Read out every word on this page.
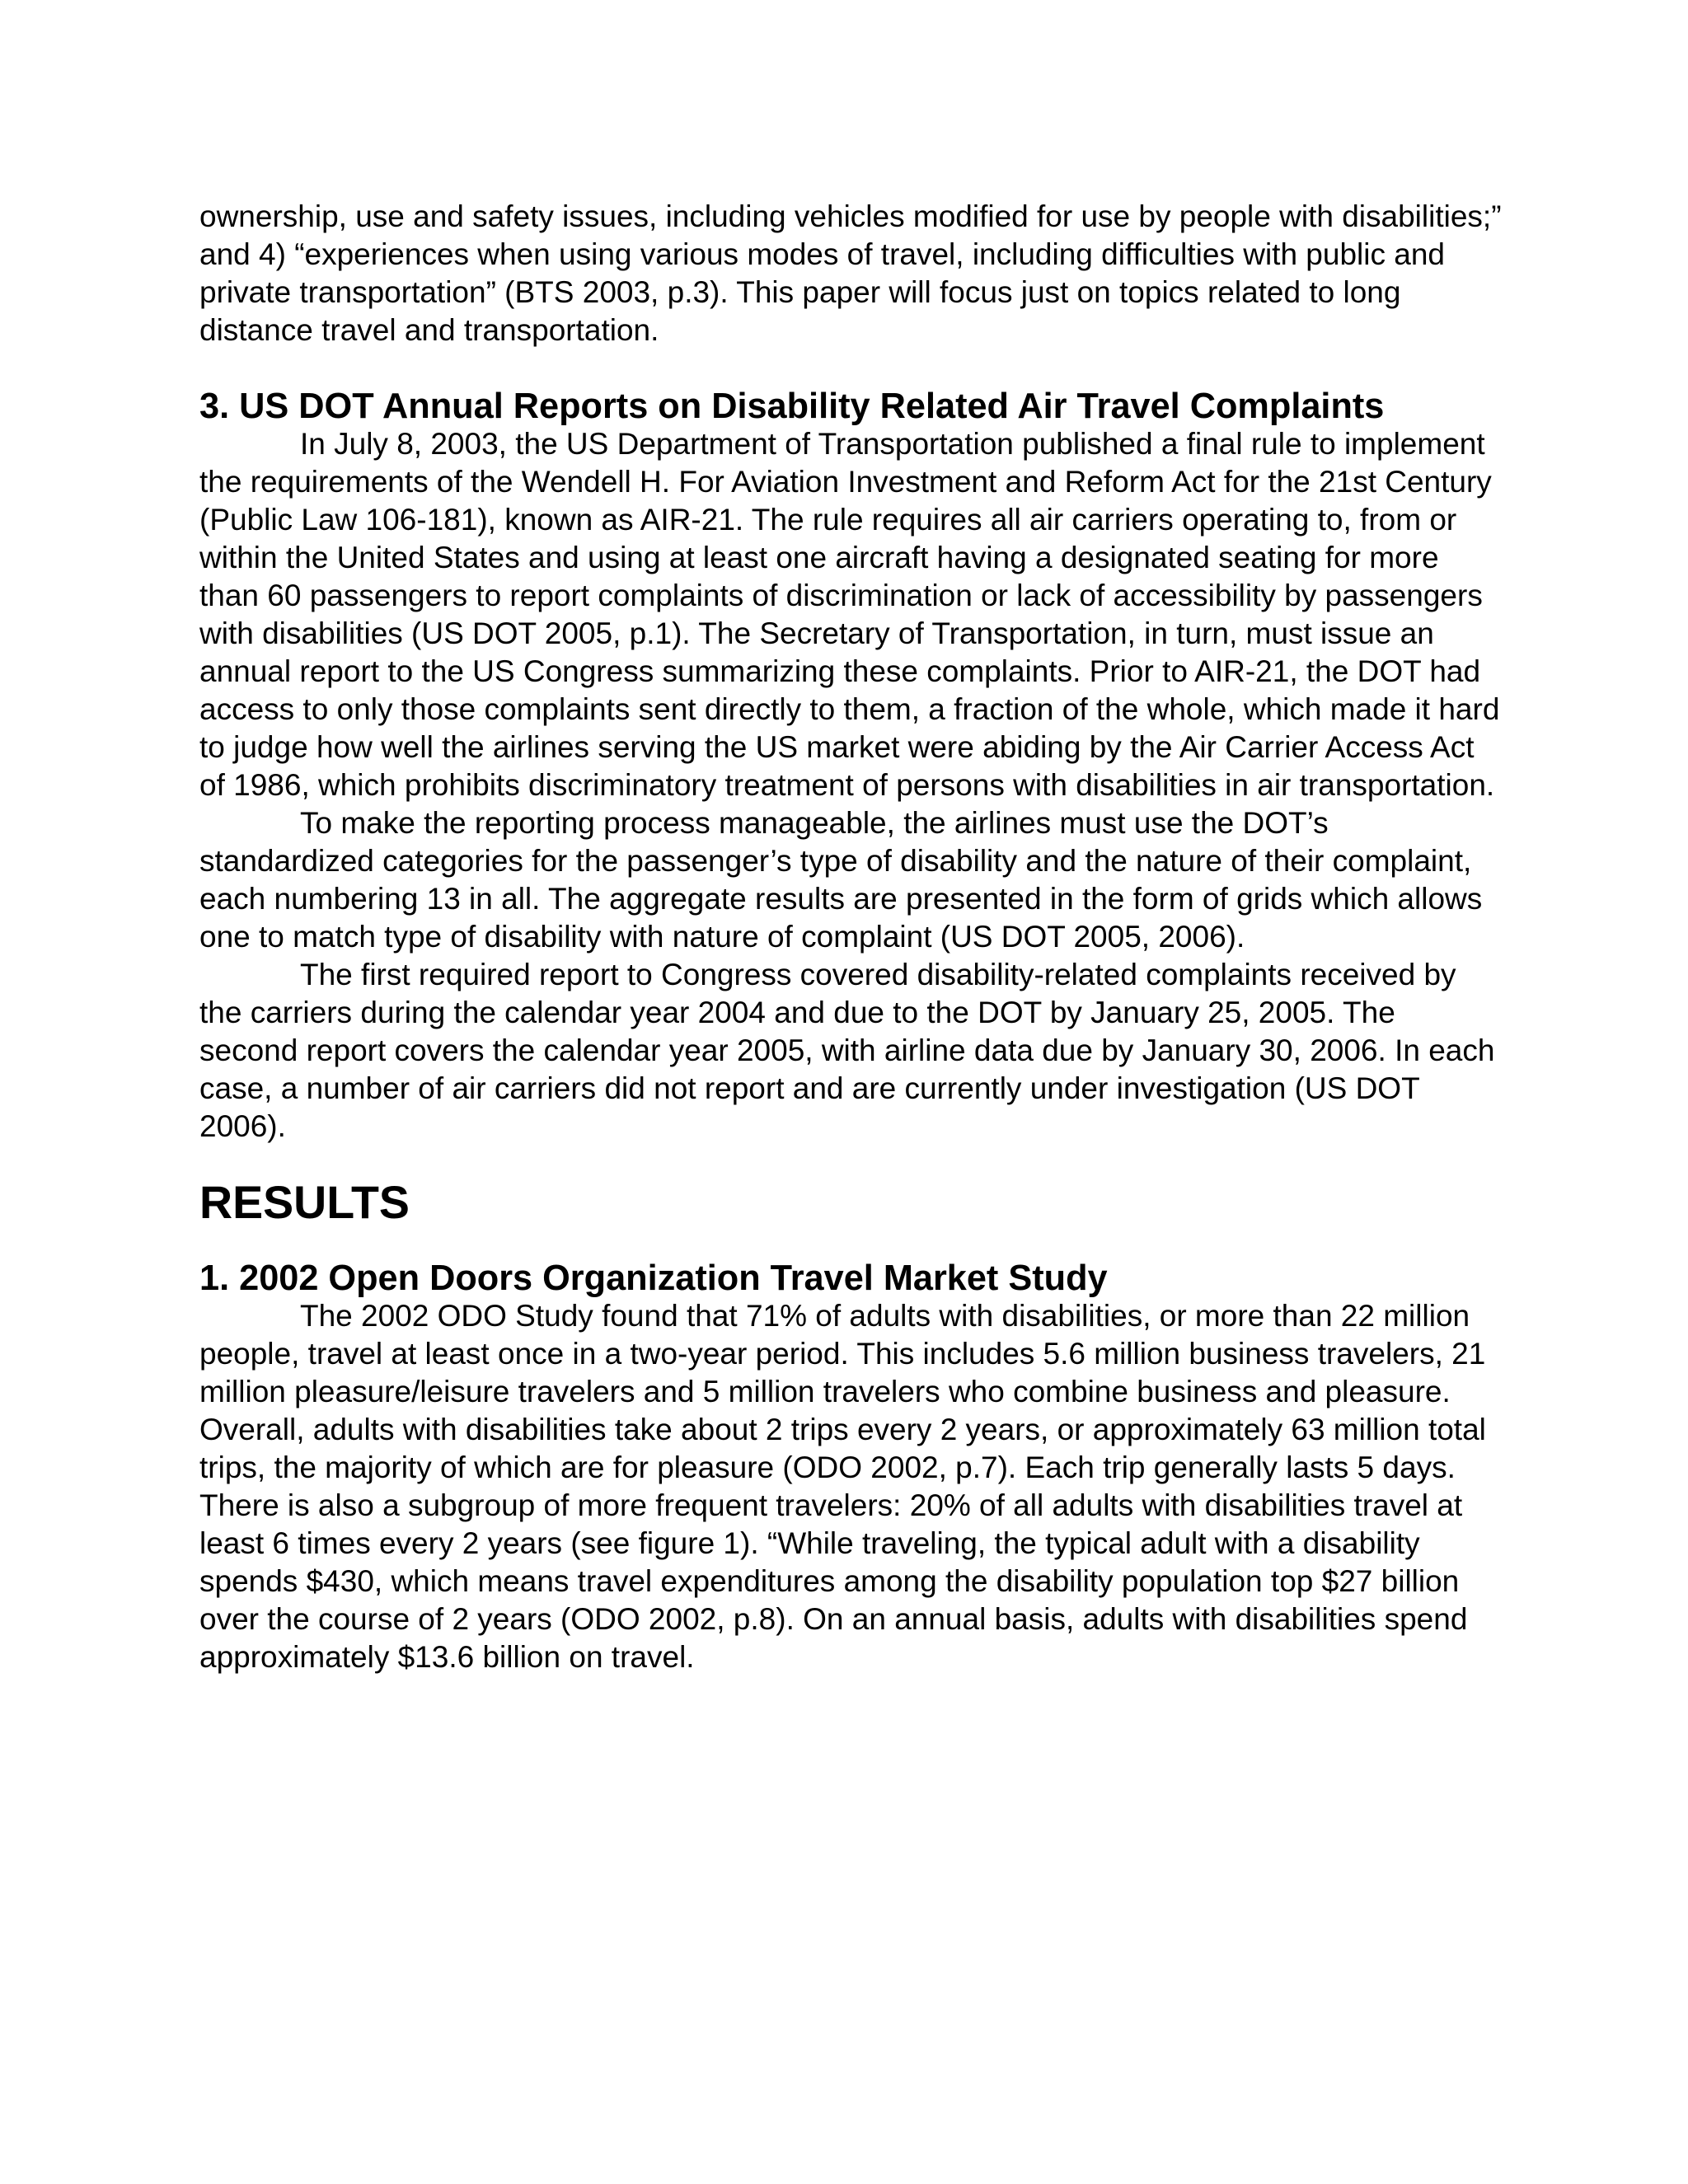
ownership, use and safety issues, including vehicles modified for use by people with disabilities;” and 4) “experiences when using various modes of travel, including difficulties with public and private transportation” (BTS 2003, p.3). This paper will focus just on topics related to long distance travel and transportation.

3. US DOT Annual Reports on Disability Related Air Travel Complaints

In July 8, 2003, the US Department of Transportation published a final rule to implement the requirements of the Wendell H. For Aviation Investment and Reform Act for the 21st Century (Public Law 106-181), known as AIR-21. The rule requires all air carriers operating to, from or within the United States and using at least one aircraft having a designated seating for more than 60 passengers to report complaints of discrimination or lack of accessibility by passengers with disabilities (US DOT 2005, p.1). The Secretary of Transportation, in turn, must issue an annual report to the US Congress summarizing these complaints. Prior to AIR-21, the DOT had access to only those complaints sent directly to them, a fraction of the whole, which made it hard to judge how well the airlines serving the US market were abiding by the Air Carrier Access Act of 1986, which prohibits discriminatory treatment of persons with disabilities in air transportation.

To make the reporting process manageable, the airlines must use the DOT’s standardized categories for the passenger’s type of disability and the nature of their complaint, each numbering 13 in all. The aggregate results are presented in the form of grids which allows one to match type of disability with nature of complaint (US DOT 2005, 2006).

The first required report to Congress covered disability-related complaints received by the carriers during the calendar year 2004 and due to the DOT by January 25, 2005. The second report covers the calendar year 2005, with airline data due by January 30, 2006. In each case, a number of air carriers did not report and are currently under investigation (US DOT 2006).

RESULTS
1. 2002 Open Doors Organization Travel Market Study

The 2002 ODO Study found that 71% of adults with disabilities, or more than 22 million people, travel at least once in a two-year period. This includes 5.6 million business travelers, 21 million pleasure/leisure travelers and 5 million travelers who combine business and pleasure. Overall, adults with disabilities take about 2 trips every 2 years, or approximately 63 million total trips, the majority of which are for pleasure (ODO 2002, p.7). Each trip generally lasts 5 days. There is also a subgroup of more frequent travelers: 20% of all adults with disabilities travel at least 6 times every 2 years (see figure 1). “While traveling, the typical adult with a disability spends $430, which means travel expenditures among the disability population top $27 billion over the course of 2 years (ODO 2002, p.8). On an annual basis, adults with disabilities spend approximately $13.6 billion on travel.
